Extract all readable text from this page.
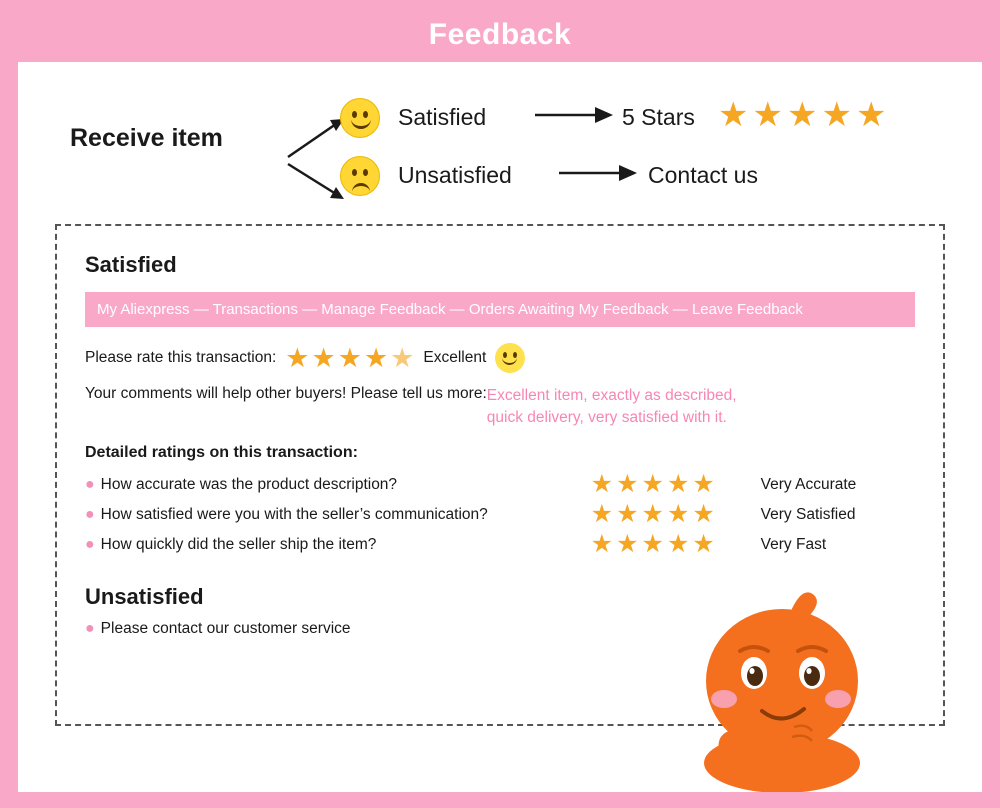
Feedback
Receive item
Satisfied	5 Stars ★ ★ ★ ★ ★
Unsatisfied	Contact us
Satisfied
My Aliexpress — Transactions — Manage Feedback — Orders Awaiting My Feedback — Leave Feedback
Please rate this transaction: ★ ★ ★ ★ ★ Excellent
Your comments will help other buyers! Please tell us more: Excellent item, exactly as described,
quick delivery, very satisfied with it.
Detailed ratings on this transaction:
● How accurate was the product description?	★ ★ ★ ★ ★	Very Accurate
● How satisfied were you with the seller’s communication?	★ ★ ★ ★ ★	Very Satisfied
● How quickly did the seller ship the item?	★ ★ ★ ★ ★	Very Fast
Unsatisfied
● Please contact our customer service
